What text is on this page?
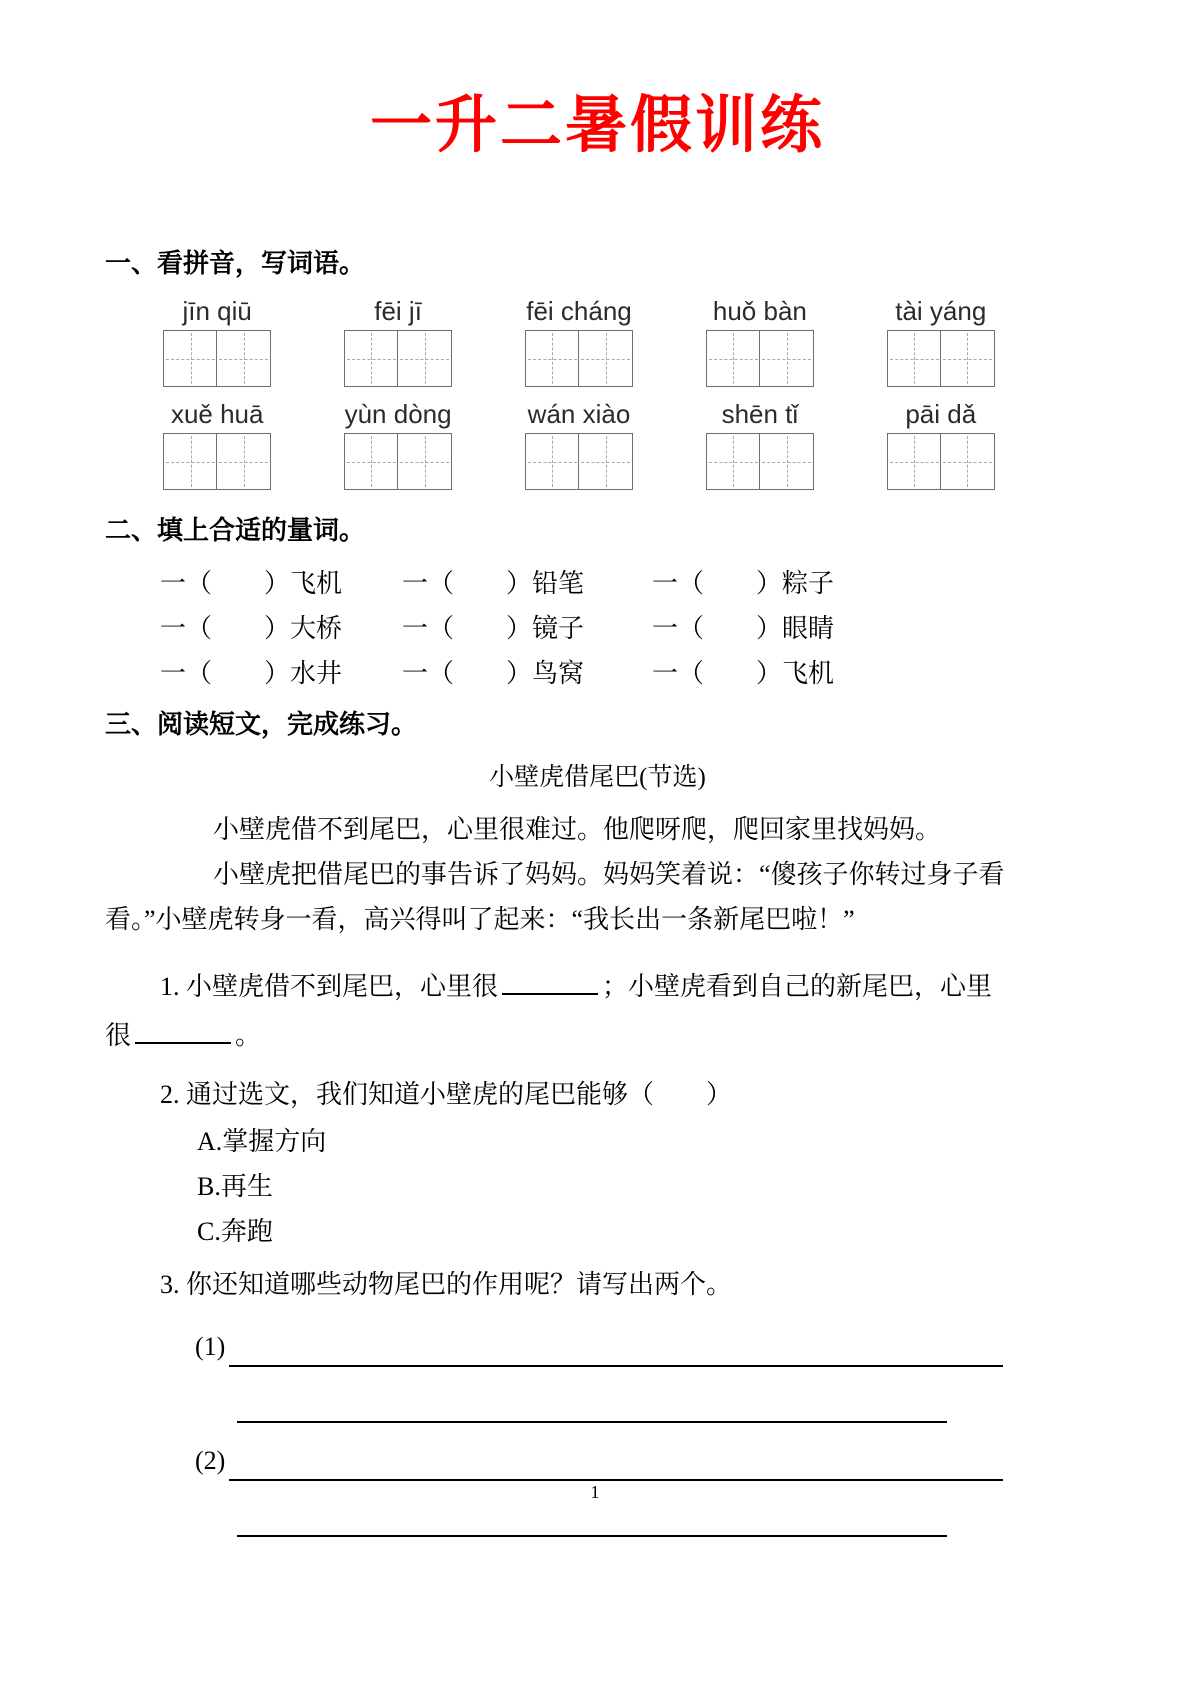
一升二暑假训练
一、看拼音，写词语。
jīn qiū	fēi jī	fēi cháng	huǒ bàn	tài yáng
xuě huā	yùn dòng	wán xiào	shēn tǐ	pāi dǎ
二、填上合适的量词。
一（　　）飞机	一（　　）铅笔	一（　　）粽子
一（　　）大桥	一（　　）镜子	一（　　）眼睛
一（　　）水井	一（　　）鸟窝	一（　　）飞机
三、阅读短文，完成练习。
小壁虎借尾巴(节选)

小壁虎借不到尾巴，心里很难过。他爬呀爬，爬回家里找妈妈。

小壁虎把借尾巴的事告诉了妈妈。妈妈笑着说：“傻孩子你转过身子看看。”小壁虎转身一看，高兴得叫了起来：“我长出一条新尾巴啦！”

1. 小壁虎借不到尾巴，心里很	；小壁虎看到自己的新尾巴，心里
很	。
2. 通过选文，我们知道小壁虎的尾巴能够（　　）
A.掌握方向
B.再生
C.奔跑
3. 你还知道哪些动物尾巴的作用呢？请写出两个。
(1)
(2)
1
